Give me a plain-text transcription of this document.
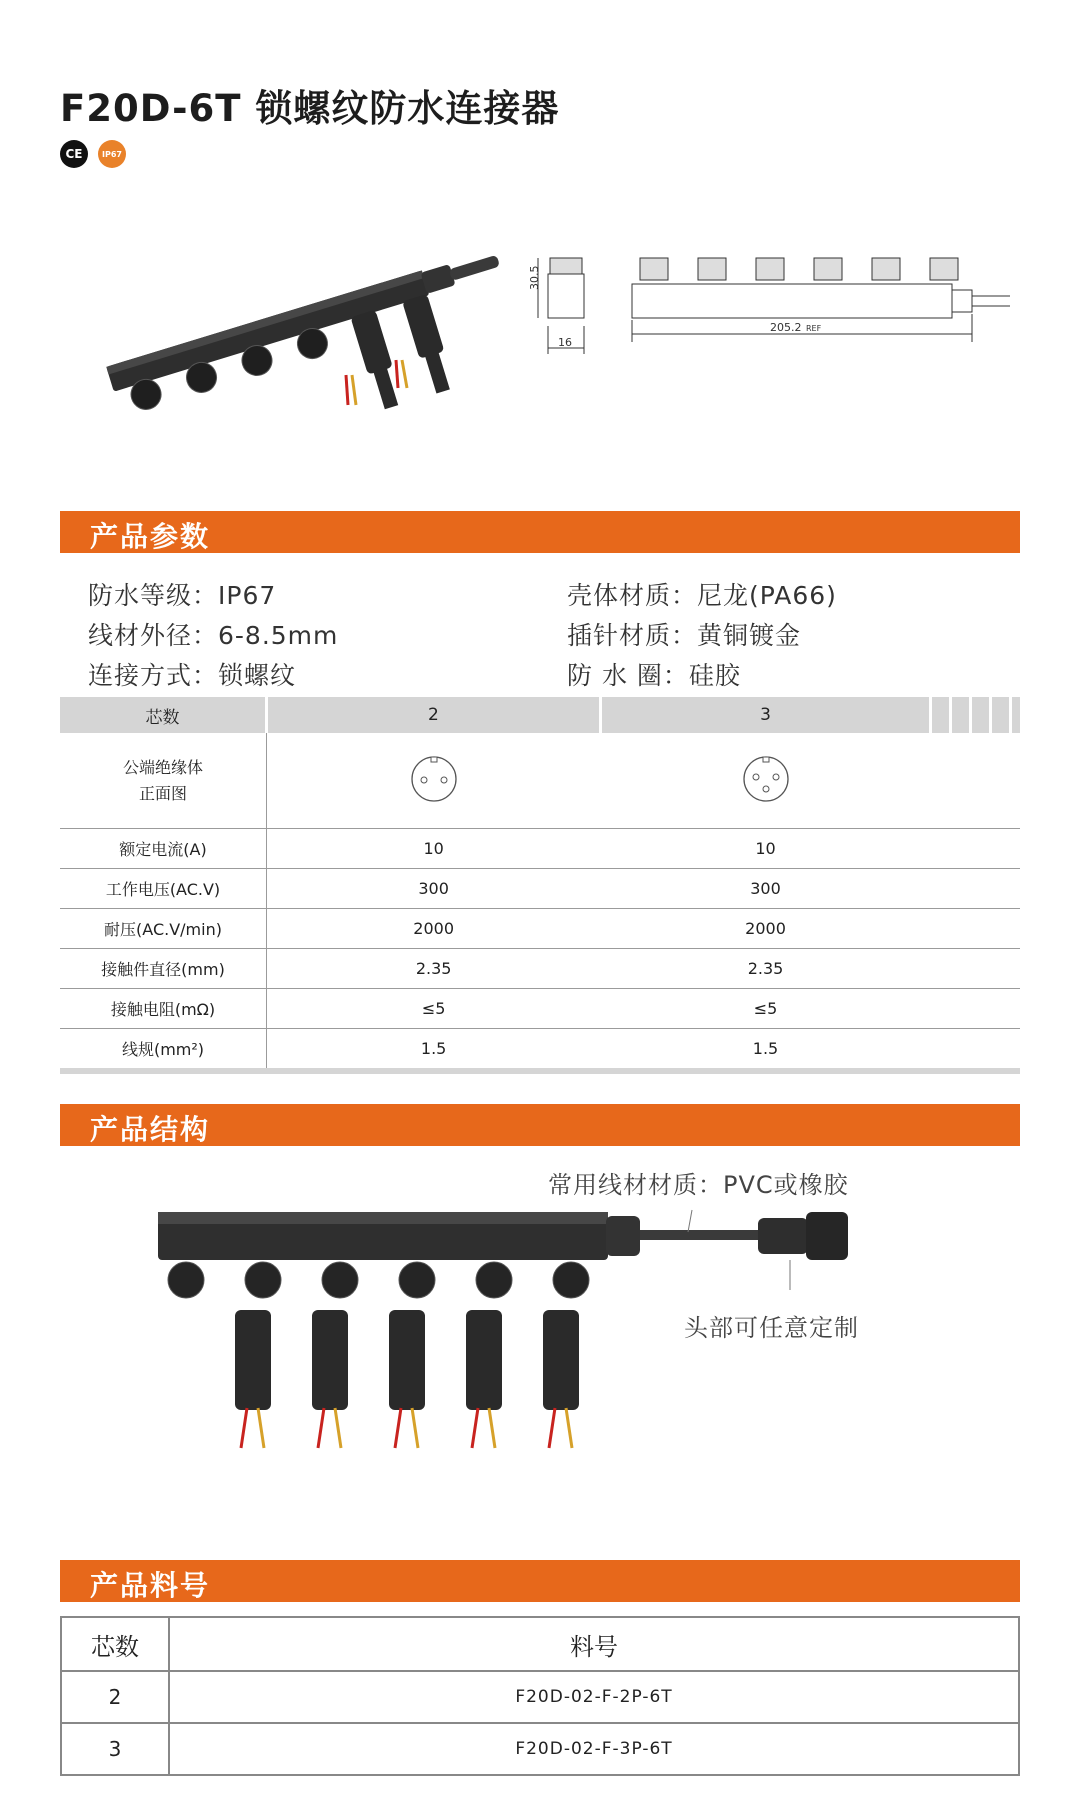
F20D-6T 锁螺纹防水连接器
CE	IP67
30.5
16
205.2 REF
产品参数
防水等级：IP67	壳体材质：尼龙(PA66)
线材外径：6-8.5mm	插针材质：黄铜镀金
连接方式：锁螺纹	防 水 圈：硅胶
芯数	2	3					

公端绝缘体
正面图

额定电流(A)	10	10					
工作电压(AC.V)	300	300					
耐压(AC.V/min)	2000	2000					
接触件直径(mm)	2.35	2.35					
接触电阻(mΩ)	≤5	≤5					
线规(mm²)	1.5	1.5					
产品结构
常用线材材质：PVC或橡胶
头部可任意定制
产品料号
芯数	料号
2	F20D-02-F-2P-6T
3	F20D-02-F-3P-6T
